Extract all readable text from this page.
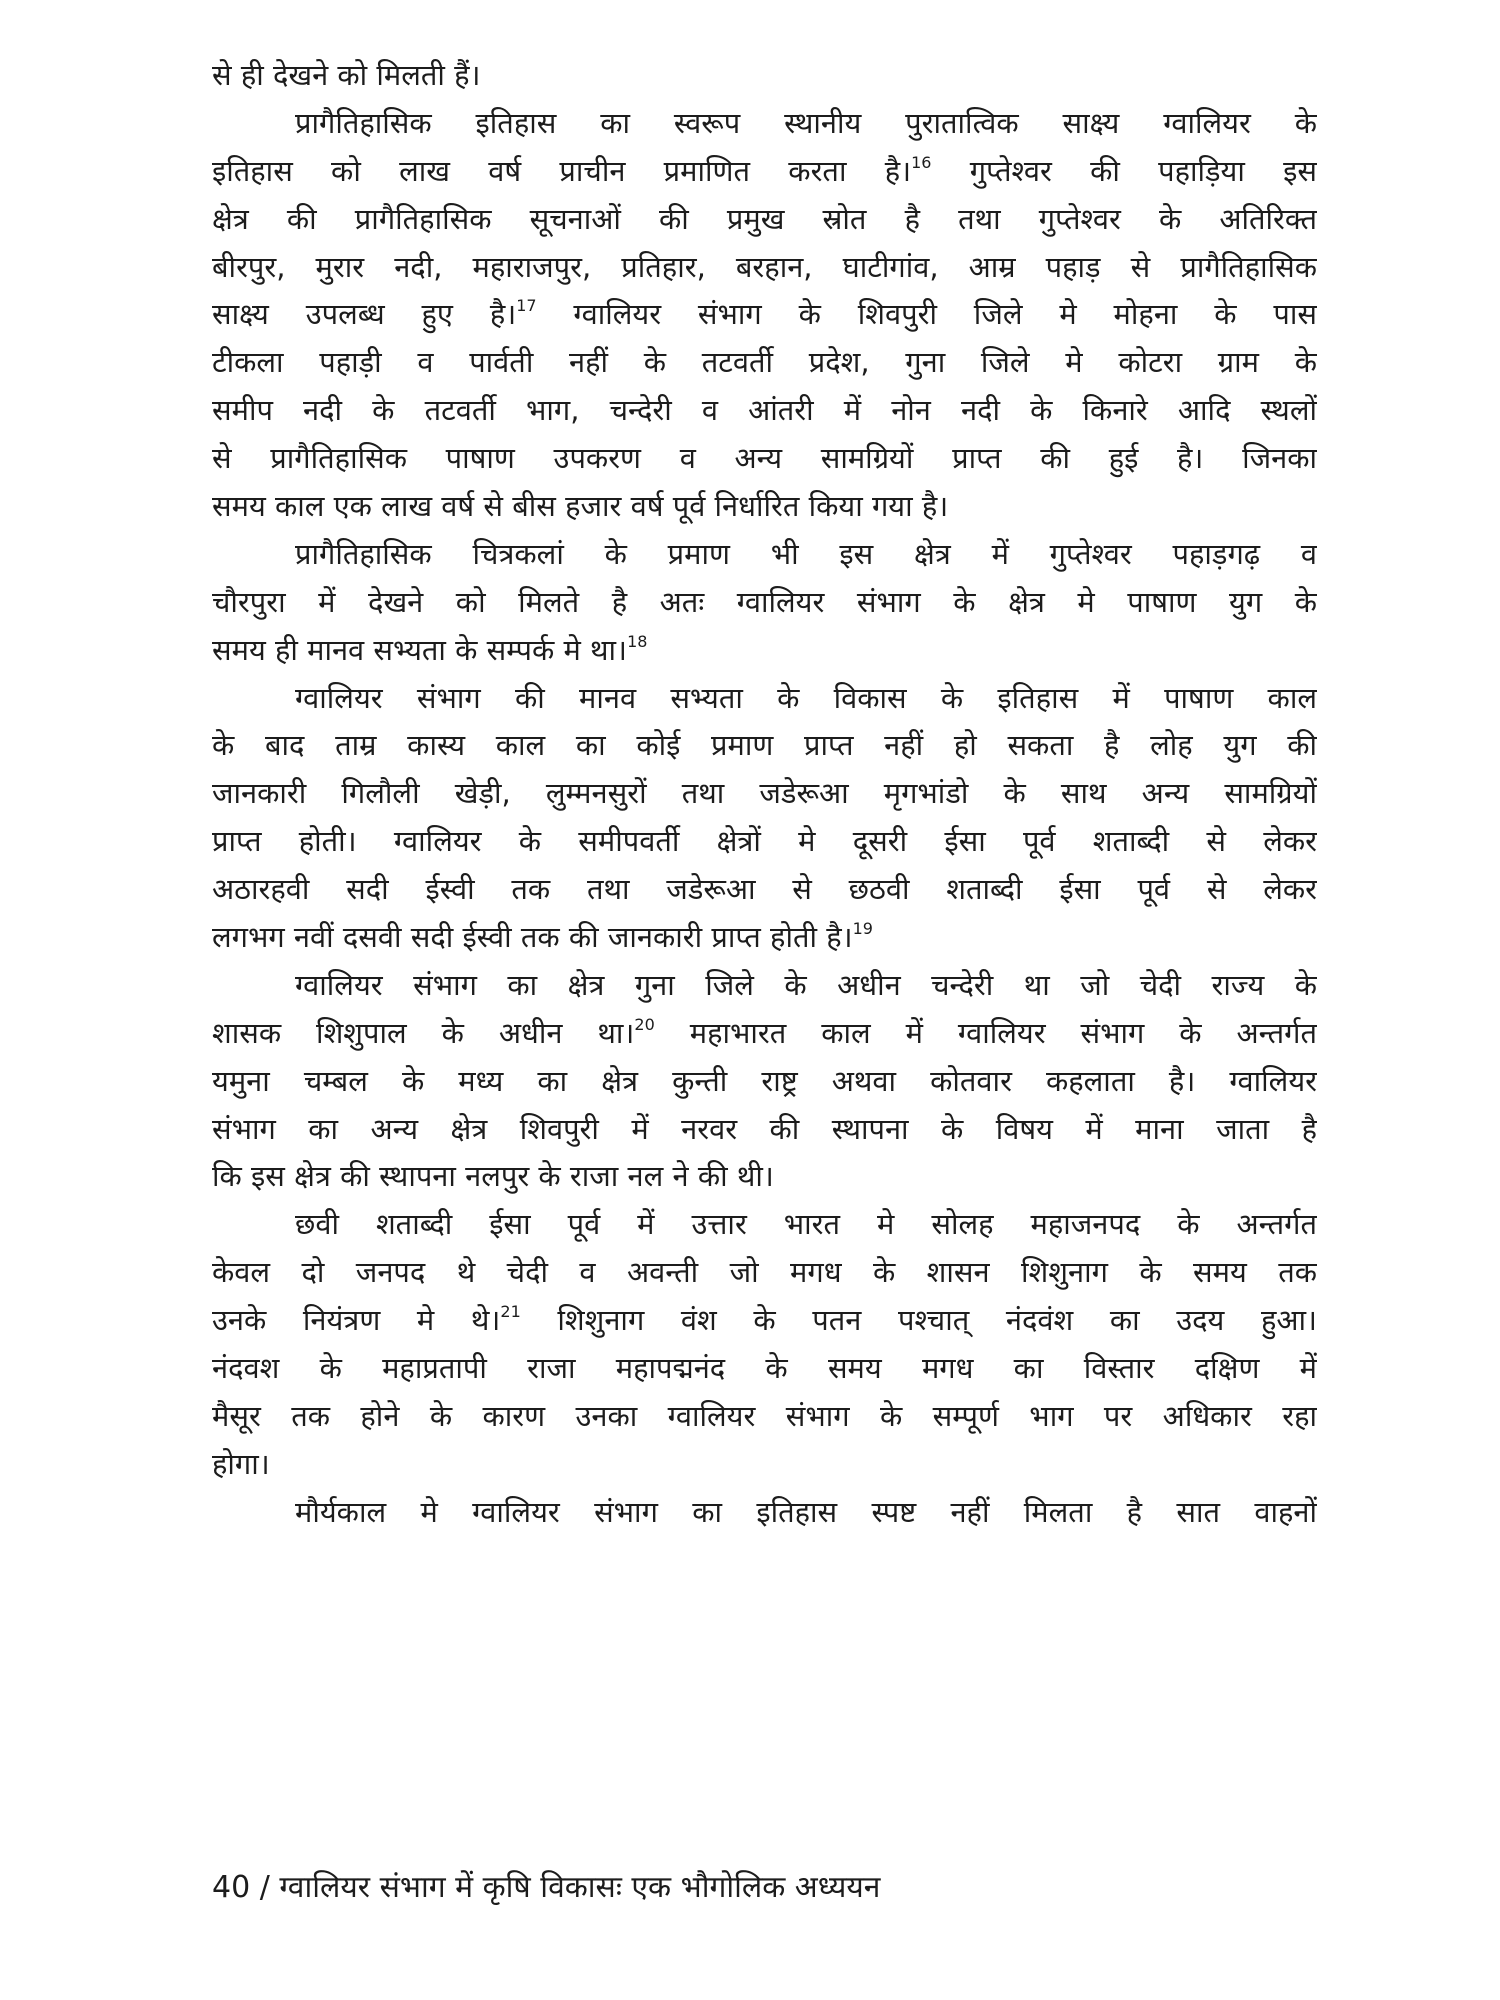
से ही देखने को मिलती हैं।
प्रागैतिहासिक इतिहास का स्वरूप स्थानीय पुरातात्विक साक्ष्य ग्वालियर के
इतिहास को लाख वर्ष प्राचीन प्रमाणित करता है।$^{16}$ गुप्तेश्वर की पहाड़िया इस
क्षेत्र की प्रागैतिहासिक सूचनाओं की प्रमुख स्रोत है तथा गुप्तेश्वर के अतिरिक्त
बीरपुर, मुरार नदी, महाराजपुर, प्रतिहार, बरहान, घाटीगांव, आम्र पहाड़ से प्रागैतिहासिक
साक्ष्य उपलब्ध हुए है।$^{17}$ ग्वालियर संभाग के शिवपुरी जिले मे मोहना के पास
टीकला पहाड़ी व पार्वती नहीं के तटवर्ती प्रदेश, गुना जिले मे कोटरा ग्राम के
समीप नदी के तटवर्ती भाग, चन्देरी व आंतरी में नोन नदी के किनारे आदि स्थलों
से प्रागैतिहासिक पाषाण उपकरण व अन्य सामग्रियों प्राप्त की हुई है। जिनका
समय काल एक लाख वर्ष से बीस हजार वर्ष पूर्व निर्धारित किया गया है।
प्रागैतिहासिक चित्रकलां के प्रमाण भी इस क्षेत्र में गुप्तेश्वर पहाड़गढ़ व
चौरपुरा में देखने को मिलते है अतः ग्वालियर संभाग के क्षेत्र मे पाषाण युग के
समय ही मानव सभ्यता के सम्पर्क मे था।$^{18}$
ग्वालियर संभाग की मानव सभ्यता के विकास के इतिहास में पाषाण काल
के बाद ताम्र कास्य काल का कोई प्रमाण प्राप्त नहीं हो सकता है लोह युग की
जानकारी गिलौली खेड़ी, लुम्मनसुरों तथा जडेरूआ मृगभांडो के साथ अन्य सामग्रियों
प्राप्त होती। ग्वालियर के समीपवर्ती क्षेत्रों मे दूसरी ईसा पूर्व शताब्दी से लेकर
अठारहवी सदी ईस्वी तक तथा जडेरूआ से छठवी शताब्दी ईसा पूर्व से लेकर
लगभग नवीं दसवी सदी ईस्वी तक की जानकारी प्राप्त होती है।$^{19}$
ग्वालियर संभाग का क्षेत्र गुना जिले के अधीन चन्देरी था जो चेदी राज्य के
शासक शिशुपाल के अधीन था।$^{20}$ महाभारत काल में ग्वालियर संभाग के अन्तर्गत
यमुना चम्बल के मध्य का क्षेत्र कुन्ती राष्ट्र अथवा कोतवार कहलाता है। ग्वालियर
संभाग का अन्य क्षेत्र शिवपुरी में नरवर की स्थापना के विषय में माना जाता है
कि इस क्षेत्र की स्थापना नलपुर के राजा नल ने की थी।
छवी शताब्दी ईसा पूर्व में उत्तार भारत मे सोलह महाजनपद के अन्तर्गत
केवल दो जनपद थे चेदी व अवन्ती जो मगध के शासन शिशुनाग के समय तक
उनके नियंत्रण मे थे।$^{21}$ शिशुनाग वंश के पतन पश्चात् नंदवंश का उदय हुआ।
नंदवश के महाप्रतापी राजा महापद्मनंद के समय मगध का विस्तार दक्षिण में
मैसूर तक होने के कारण उनका ग्वालियर संभाग के सम्पूर्ण भाग पर अधिकार रहा
होगा।
मौर्यकाल मे ग्वालियर संभाग का इतिहास स्पष्ट नहीं मिलता है सात वाहनों
40 / ग्वालियर संभाग में कृषि विकासः एक भौगोलिक अध्ययन
